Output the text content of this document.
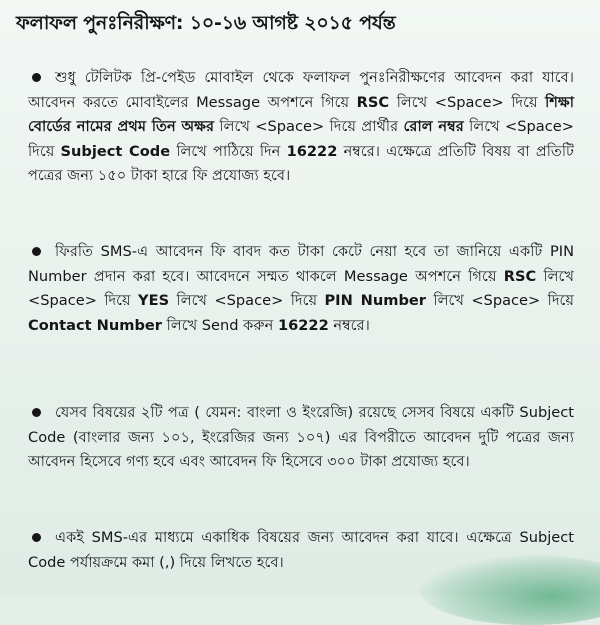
ফলাফল পুনঃনিরীক্ষণ: ১০-১৬ আগষ্ট ২০১৫ পর্যন্ত

শুধু টেলিটক প্রি-পেইড মোবাইল থেকে ফলাফল পুনঃনিরীক্ষণের আবেদন করা যাবে। আবেদন করতে মোবাইলের Message অপশনে গিয়ে RSC লিখে <Space> দিয়ে শিক্ষা বোর্ডের নামের প্রথম তিন অক্ষর লিখে <Space> দিয়ে প্রার্থীর রোল নম্বর লিখে <Space> দিয়ে Subject Code লিখে পাঠিয়ে দিন 16222 নম্বরে। এক্ষেত্রে প্রতিটি বিষয় বা প্রতিটি পত্রের জন্য ১৫০ টাকা হারে ফি প্রযোজ্য হবে।

ফিরতি SMS-এ আবেদন ফি বাবদ কত টাকা কেটে নেয়া হবে তা জানিয়ে একটি PIN Number প্রদান করা হবে। আবেদনে সম্মত থাকলে Message অপশনে গিয়ে RSC লিখে <Space> দিয়ে YES লিখে <Space> দিয়ে PIN Number লিখে <Space> দিয়ে Contact Number লিখে Send করুন 16222 নম্বরে।

যেসব বিষয়ের ২টি পত্র ( যেমন: বাংলা ও ইংরেজি) রয়েছে সেসব বিষয়ে একটি Subject Code (বাংলার জন্য ১০১, ইংরেজির জন্য ১০৭) এর বিপরীতে আবেদন দুটি পত্রের জন্য আবেদন হিসেবে গণ্য হবে এবং আবেদন ফি হিসেবে ৩০০ টাকা প্রযোজ্য হবে।

একই SMS-এর মাধ্যমে একাধিক বিষয়ের জন্য আবেদন করা যাবে। এক্ষেত্রে Subject Code পর্যায়ক্রমে কমা (,) দিয়ে লিখতে হবে।
